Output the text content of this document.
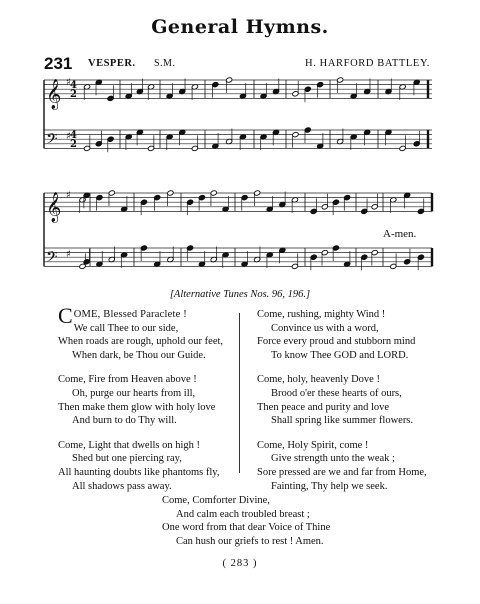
General Hymns.
231 VESPER. S.M.	H. HARFORD BATTLEY.
𝄞 ♯
𝄢 ♯
𝄞 ♯
𝄢 ♯
4
2
4
2
A-men.
[Alternative Tunes Nos. 96, 196.]
C OME, Blessed Paraclete !
We call Thee to our side,
When roads are rough, uphold our feet,
When dark, be Thou our Guide.
Come, Fire from Heaven above !
Oh, purge our hearts from ill,
Then make them glow with holy love
And burn to do Thy will.
Come, Light that dwells on high !
Shed but one piercing ray,
All haunting doubts like phantoms fly,
All shadows pass away.
Come, rushing, mighty Wind !
Convince us with a word,
Force every proud and stubborn mind
To know Thee GOD and LORD.
Come, holy, heavenly Dove !
Brood o'er these hearts of ours,
Then peace and purity and love
Shall spring like summer flowers.
Come, Holy Spirit, come !
Give strength unto the weak ;
Sore pressed are we and far from Home,
Fainting, Thy help we seek.
Come, Comforter Divine,
And calm each troubled breast ;
One word from that dear Voice of Thine
Can hush our griefs to rest ! Amen.
( 283 )
